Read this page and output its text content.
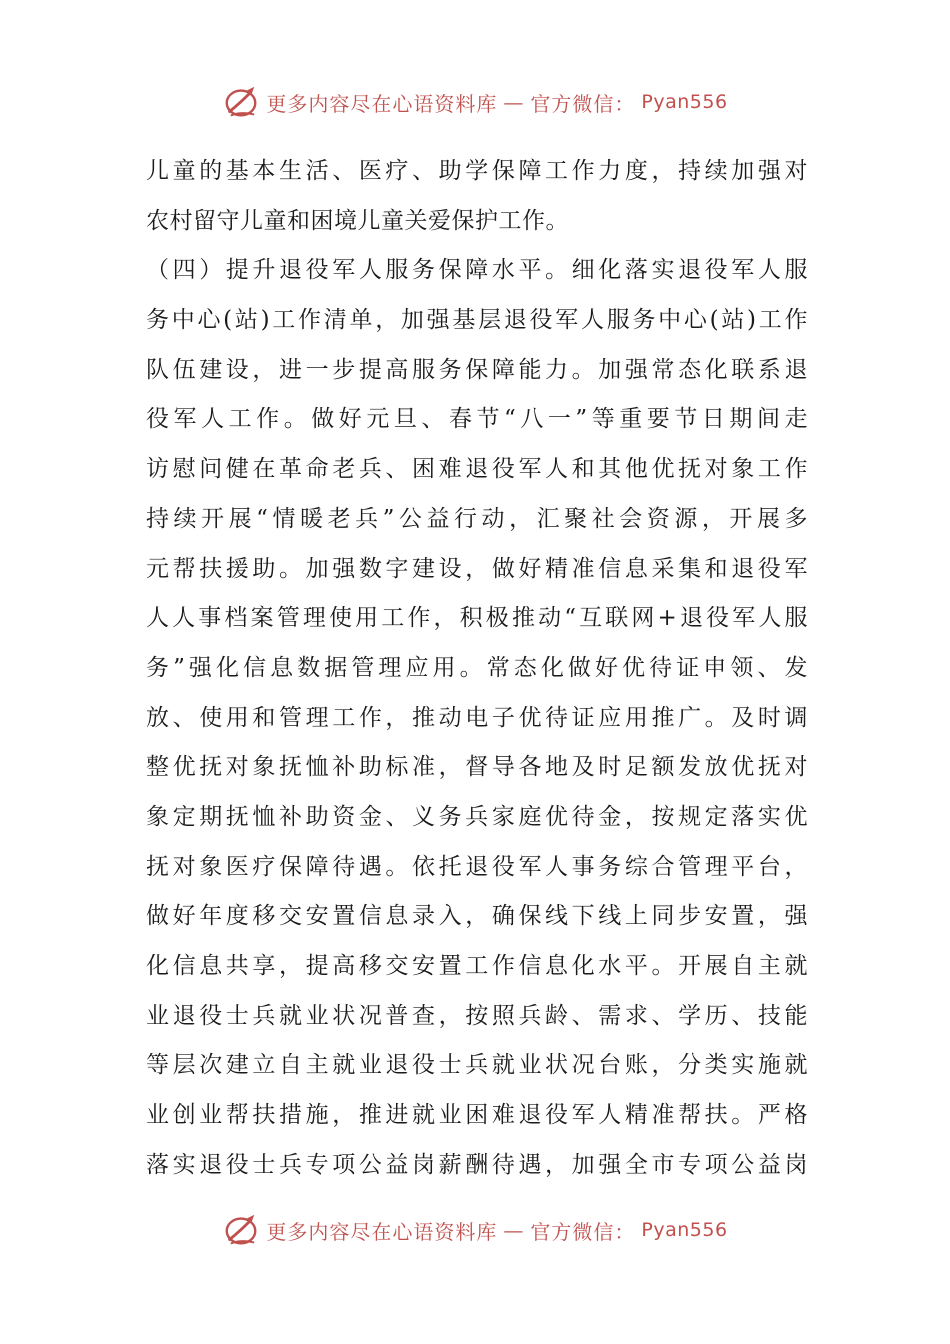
更多内容尽在心语资料库 — 官方微信： Pyan556
儿童的基本生活、医疗、助学保障工作力度，持续加强对
农村留守儿童和困境儿童关爱保护工作。
（四）提升退役军人服务保障水平。细化落实退役军人服
务中心(站)工作清单，加强基层退役军人服务中心(站)工作
队伍建设，进一步提高服务保障能力。加强常态化联系退
役军人工作。做好元旦、春节“八一”等重要节日期间走
访慰问健在革命老兵、困难退役军人和其他优抚对象工作
持续开展“情暖老兵”公益行动，汇聚社会资源，开展多
元帮扶援助。加强数字建设，做好精准信息采集和退役军
人人事档案管理使用工作，积极推动“互联网+退役军人服
务”强化信息数据管理应用。常态化做好优待证申领、发
放、使用和管理工作，推动电子优待证应用推广。及时调
整优抚对象抚恤补助标准，督导各地及时足额发放优抚对
象定期抚恤补助资金、义务兵家庭优待金，按规定落实优
抚对象医疗保障待遇。依托退役军人事务综合管理平台，
做好年度移交安置信息录入，确保线下线上同步安置，强
化信息共享，提高移交安置工作信息化水平。开展自主就
业退役士兵就业状况普查，按照兵龄、需求、学历、技能
等层次建立自主就业退役士兵就业状况台账，分类实施就
业创业帮扶措施，推进就业困难退役军人精准帮扶。严格
落实退役士兵专项公益岗薪酬待遇，加强全市专项公益岗
更多内容尽在心语资料库 — 官方微信： Pyan556
